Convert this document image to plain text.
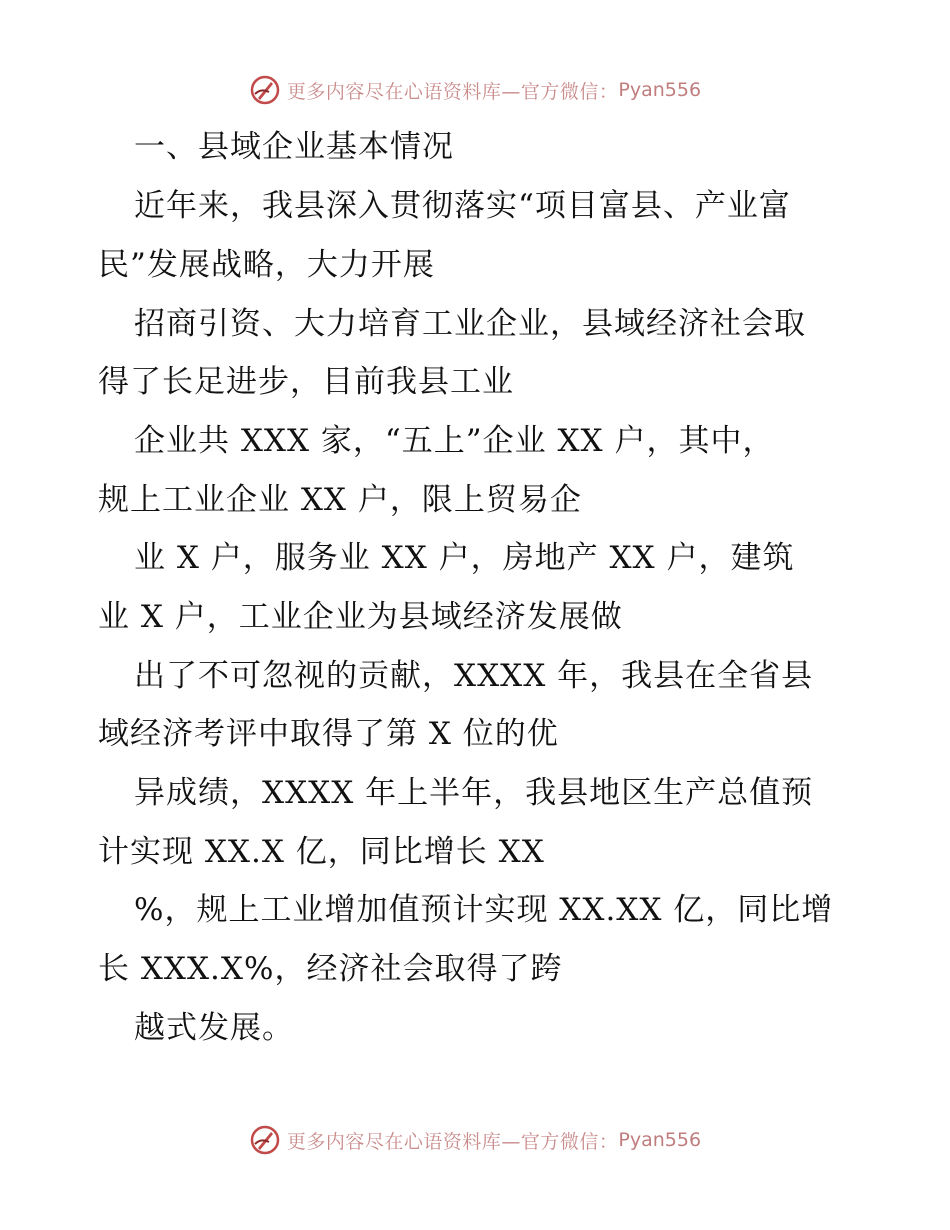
更多内容尽在心语资料库—官方微信： Pyan556
一、县域企业基本情况
近年来，我县深入贯彻落实“项目富县、产业富
民”发展战略，大力开展
招商引资、大力培育工业企业，县域经济社会取
得了长足进步，目前我县工业
企业共 XXX 家，“五上”企业 XX 户，其中，
规上工业企业 XX 户，限上贸易企
业 X 户，服务业 XX 户，房地产 XX 户，建筑
业 X 户，工业企业为县域经济发展做
出了不可忽视的贡献，XXXX 年，我县在全省县
域经济考评中取得了第 X 位的优
异成绩，XXXX 年上半年，我县地区生产总值预
计实现 XX.X 亿，同比增长 XX
%，规上工业增加值预计实现 XX.XX 亿，同比增
长 XXX.X%，经济社会取得了跨
越式发展。
更多内容尽在心语资料库—官方微信： Pyan556
